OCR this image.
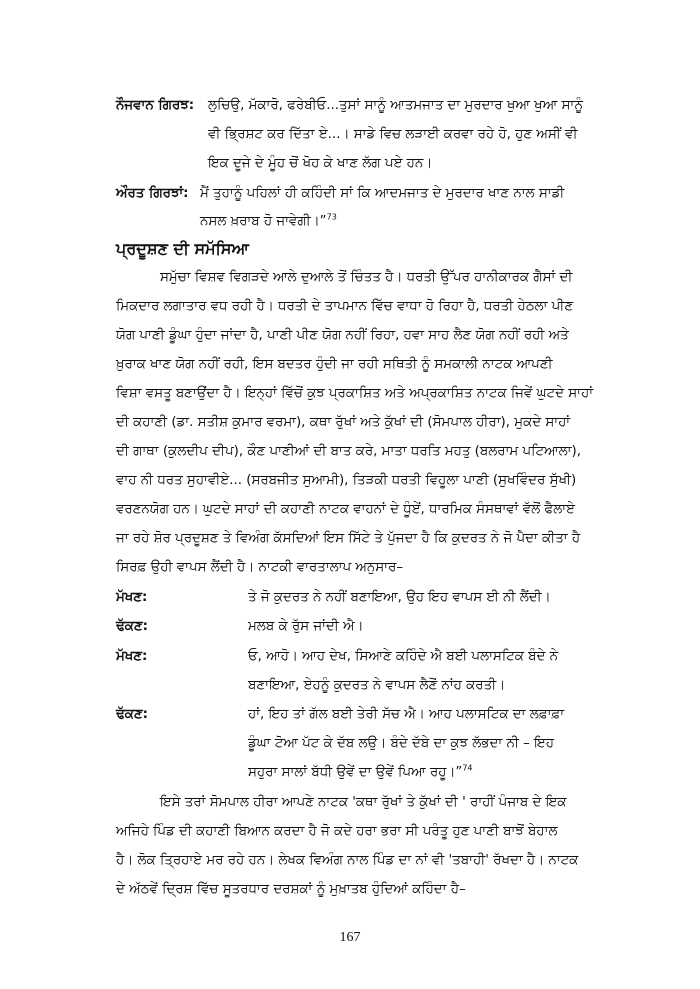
ਨੌਜਵਾਨ ਗਿਰਝ: ਲੁਚਿਉ, ਮੱਕਾਰੋ, ਫਰੇਬੀਓ...ਤੁਸਾਂ ਸਾਨੂੰ ਆਤਮਜਾਤ ਦਾ ਮੁਰਦਾਰ ਖੁਆ ਖੁਆ ਸਾਨੂੰ
ਵੀ ਭ੍ਰਿਸ਼ਟ ਕਰ ਦਿੱਤਾ ਏ...। ਸਾਡੇ ਵਿਚ ਲੜਾਈ ਕਰਵਾ ਰਹੇ ਹੋ, ਹੁਣ ਅਸੀਂ ਵੀ
ਇਕ ਦੂਜੇ ਦੇ ਮੂੰਹ ਚੋਂ ਖੋਹ ਕੇ ਖਾਣ ਲੱਗ ਪਏ ਹਨ।
ਔਰਤ ਗਿਰਝਾਂ: ਮੈਂ ਤੁਹਾਨੂੰ ਪਹਿਲਾਂ ਹੀ ਕਹਿੰਦੀ ਸਾਂ ਕਿ ਆਦਮਜਾਤ ਦੇ ਮੁਰਦਾਰ ਖਾਣ ਨਾਲ ਸਾਡੀ
ਨਸਲ ਖ਼ਰਾਬ ਹੋ ਜਾਵੇਗੀ।”$^{73}$
ਪ੍ਰਦੂਸ਼ਣ ਦੀ ਸਮੱਸਿਆ
ਸਮੁੱਚਾ ਵਿਸ਼ਵ ਵਿਗੜਦੇ ਆਲੇ ਦੁਆਲੇ ਤੋਂ ਚਿੰਤਤ ਹੈ। ਧਰਤੀ ਉੱਪਰ ਹਾਨੀਕਾਰਕ ਗੈਸਾਂ ਦੀ
ਮਿਕਦਾਰ ਲਗਾਤਾਰ ਵਧ ਰਹੀ ਹੈ। ਧਰਤੀ ਦੇ ਤਾਪਮਾਨ ਵਿੱਚ ਵਾਧਾ ਹੋ ਰਿਹਾ ਹੈ, ਧਰਤੀ ਹੇਠਲਾ ਪੀਣ
ਯੋਗ ਪਾਣੀ ਡੂੰਘਾ ਹੁੰਦਾ ਜਾਂਦਾ ਹੈ, ਪਾਣੀ ਪੀਣ ਯੋਗ ਨਹੀਂ ਰਿਹਾ, ਹਵਾ ਸਾਹ ਲੈਣ ਯੋਗ ਨਹੀਂ ਰਹੀ ਅਤੇ
ਖ਼ੁਰਾਕ ਖਾਣ ਯੋਗ ਨਹੀਂ ਰਹੀ, ਇਸ ਬਦਤਰ ਹੁੰਦੀ ਜਾ ਰਹੀ ਸਥਿਤੀ ਨੂੰ ਸਮਕਾਲੀ ਨਾਟਕ ਆਪਣੀ
ਵਿਸ਼ਾ ਵਸਤੂ ਬਣਾਉਂਦਾ ਹੈ। ਇਨ੍ਹਾਂ ਵਿੱਚੋਂ ਕੁਝ ਪ੍ਰਕਾਸ਼ਿਤ ਅਤੇ ਅਪ੍ਰਕਾਸ਼ਿਤ ਨਾਟਕ ਜਿਵੇਂ ਘੁਟਦੇ ਸਾਹਾਂ
ਦੀ ਕਹਾਣੀ (ਡਾ. ਸਤੀਸ਼ ਕੁਮਾਰ ਵਰਮਾ), ਕਥਾ ਰੁੱਖਾਂ ਅਤੇ ਕੁੱਖਾਂ ਦੀ (ਸੋਮਪਾਲ ਹੀਰਾ), ਮੁਕਦੇ ਸਾਹਾਂ
ਦੀ ਗਾਥਾ (ਕੁਲਦੀਪ ਦੀਪ), ਕੌਣ ਪਾਣੀਆਂ ਦੀ ਬਾਤ ਕਰੇ, ਮਾਤਾ ਧਰਤਿ ਮਹਤੁ (ਬਲਰਾਮ ਪਟਿਆਲਾ),
ਵਾਹ ਨੀ ਧਰਤ ਸੁਹਾਵੀਏ... (ਸਰਬਜੀਤ ਸੁਆਮੀ), ਤਿੜਕੀ ਧਰਤੀ ਵਿਹੂਲਾ ਪਾਣੀ (ਸੁਖਵਿੰਦਰ ਸੁੱਖੀ)
ਵਰਣਨਯੋਗ ਹਨ। ਘੁਟਦੇ ਸਾਹਾਂ ਦੀ ਕਹਾਣੀ ਨਾਟਕ ਵਾਹਨਾਂ ਦੇ ਧੂੰਏਂ, ਧਾਰਮਿਕ ਸੰਸਥਾਵਾਂ ਵੱਲੋਂ ਫੈਲਾਏ
ਜਾ ਰਹੇ ਸ਼ੋਰ ਪ੍ਰਦੂਸ਼ਣ ਤੇ ਵਿਅੰਗ ਕੱਸਦਿਆਂ ਇਸ ਸਿੱਟੇ ਤੇ ਪੁੱਜਦਾ ਹੈ ਕਿ ਕੁਦਰਤ ਨੇ ਜੋ ਪੈਦਾ ਕੀਤਾ ਹੈ
ਸਿਰਫ਼ ਉਹੀ ਵਾਪਸ ਲੈਂਦੀ ਹੈ। ਨਾਟਕੀ ਵਾਰਤਾਲਾਪ ਅਨੁਸਾਰ–
ਮੱਖਣ:	ਤੇ ਜੋ ਕੁਦਰਤ ਨੇ ਨਹੀਂ ਬਣਾਇਆ, ਉਹ ਇਹ ਵਾਪਸ ਈ ਨੀ ਲੈਂਦੀ।
ਢੱਕਣ:	ਮਲਬ ਕੇ ਰੁੱਸ ਜਾਂਦੀ ਐ।
ਮੱਖਣ:	ਓ, ਆਹੋ। ਆਹ ਦੇਖ, ਸਿਆਣੇ ਕਹਿੰਦੇ ਐ ਬਈ ਪਲਾਸਟਿਕ ਬੰਦੇ ਨੇ
ਬਣਾਇਆ, ਏਹਨੂੰ ਕੁਦਰਤ ਨੇ ਵਾਪਸ ਲੈਣੋਂ ਨਾਂਹ ਕਰਤੀ।
ਢੱਕਣ:	ਹਾਂ, ਇਹ ਤਾਂ ਗੱਲ ਬਈ ਤੇਰੀ ਸੱਚ ਐ। ਆਹ ਪਲਾਸਟਿਕ ਦਾ ਲਫ਼ਾਫ਼ਾ
ਡੂੰਘਾ ਟੋਆ ਪੱਟ ਕੇ ਦੱਬ ਲਉ। ਬੰਦੇ ਦੱਬੇ ਦਾ ਕੁਝ ਲੱਭਦਾ ਨੀ – ਇਹ
ਸਹੁਰਾ ਸਾਲਾਂ ਬੱਧੀ ਉਵੇਂ ਦਾ ਉਵੇਂ ਪਿਆ ਰਹੂ।”$^{74}$
ਇਸੇ ਤਰਾਂ ਸੋਮਪਾਲ ਹੀਰਾ ਆਪਣੇ ਨਾਟਕ 'ਕਥਾ ਰੁੱਖਾਂ ਤੇ ਕੁੱਖਾਂ ਦੀ ' ਰਾਹੀਂ ਪੰਜਾਬ ਦੇ ਇਕ
ਅਜਿਹੇ ਪਿੰਡ ਦੀ ਕਹਾਣੀ ਬਿਆਨ ਕਰਦਾ ਹੈ ਜੋ ਕਦੇ ਹਰਾ ਭਰਾ ਸੀ ਪਰੰਤੂ ਹੁਣ ਪਾਣੀ ਬਾਝੋਂ ਬੇਹਾਲ
ਹੈ। ਲੋਕ ਤ੍ਰਿਹਾਏ ਮਰ ਰਹੇ ਹਨ। ਲੇਖਕ ਵਿਅੰਗ ਨਾਲ ਪਿੰਡ ਦਾ ਨਾਂ ਵੀ 'ਤਬਾਹੀ' ਰੱਖਦਾ ਹੈ। ਨਾਟਕ
ਦੇ ਅੱਠਵੇਂ ਦ੍ਰਿਸ਼ ਵਿੱਚ ਸੂਤਰਧਾਰ ਦਰਸ਼ਕਾਂ ਨੂੰ ਮੁਖ਼ਾਤਬ ਹੁੰਦਿਆਂ ਕਹਿੰਦਾ ਹੈ–
167
